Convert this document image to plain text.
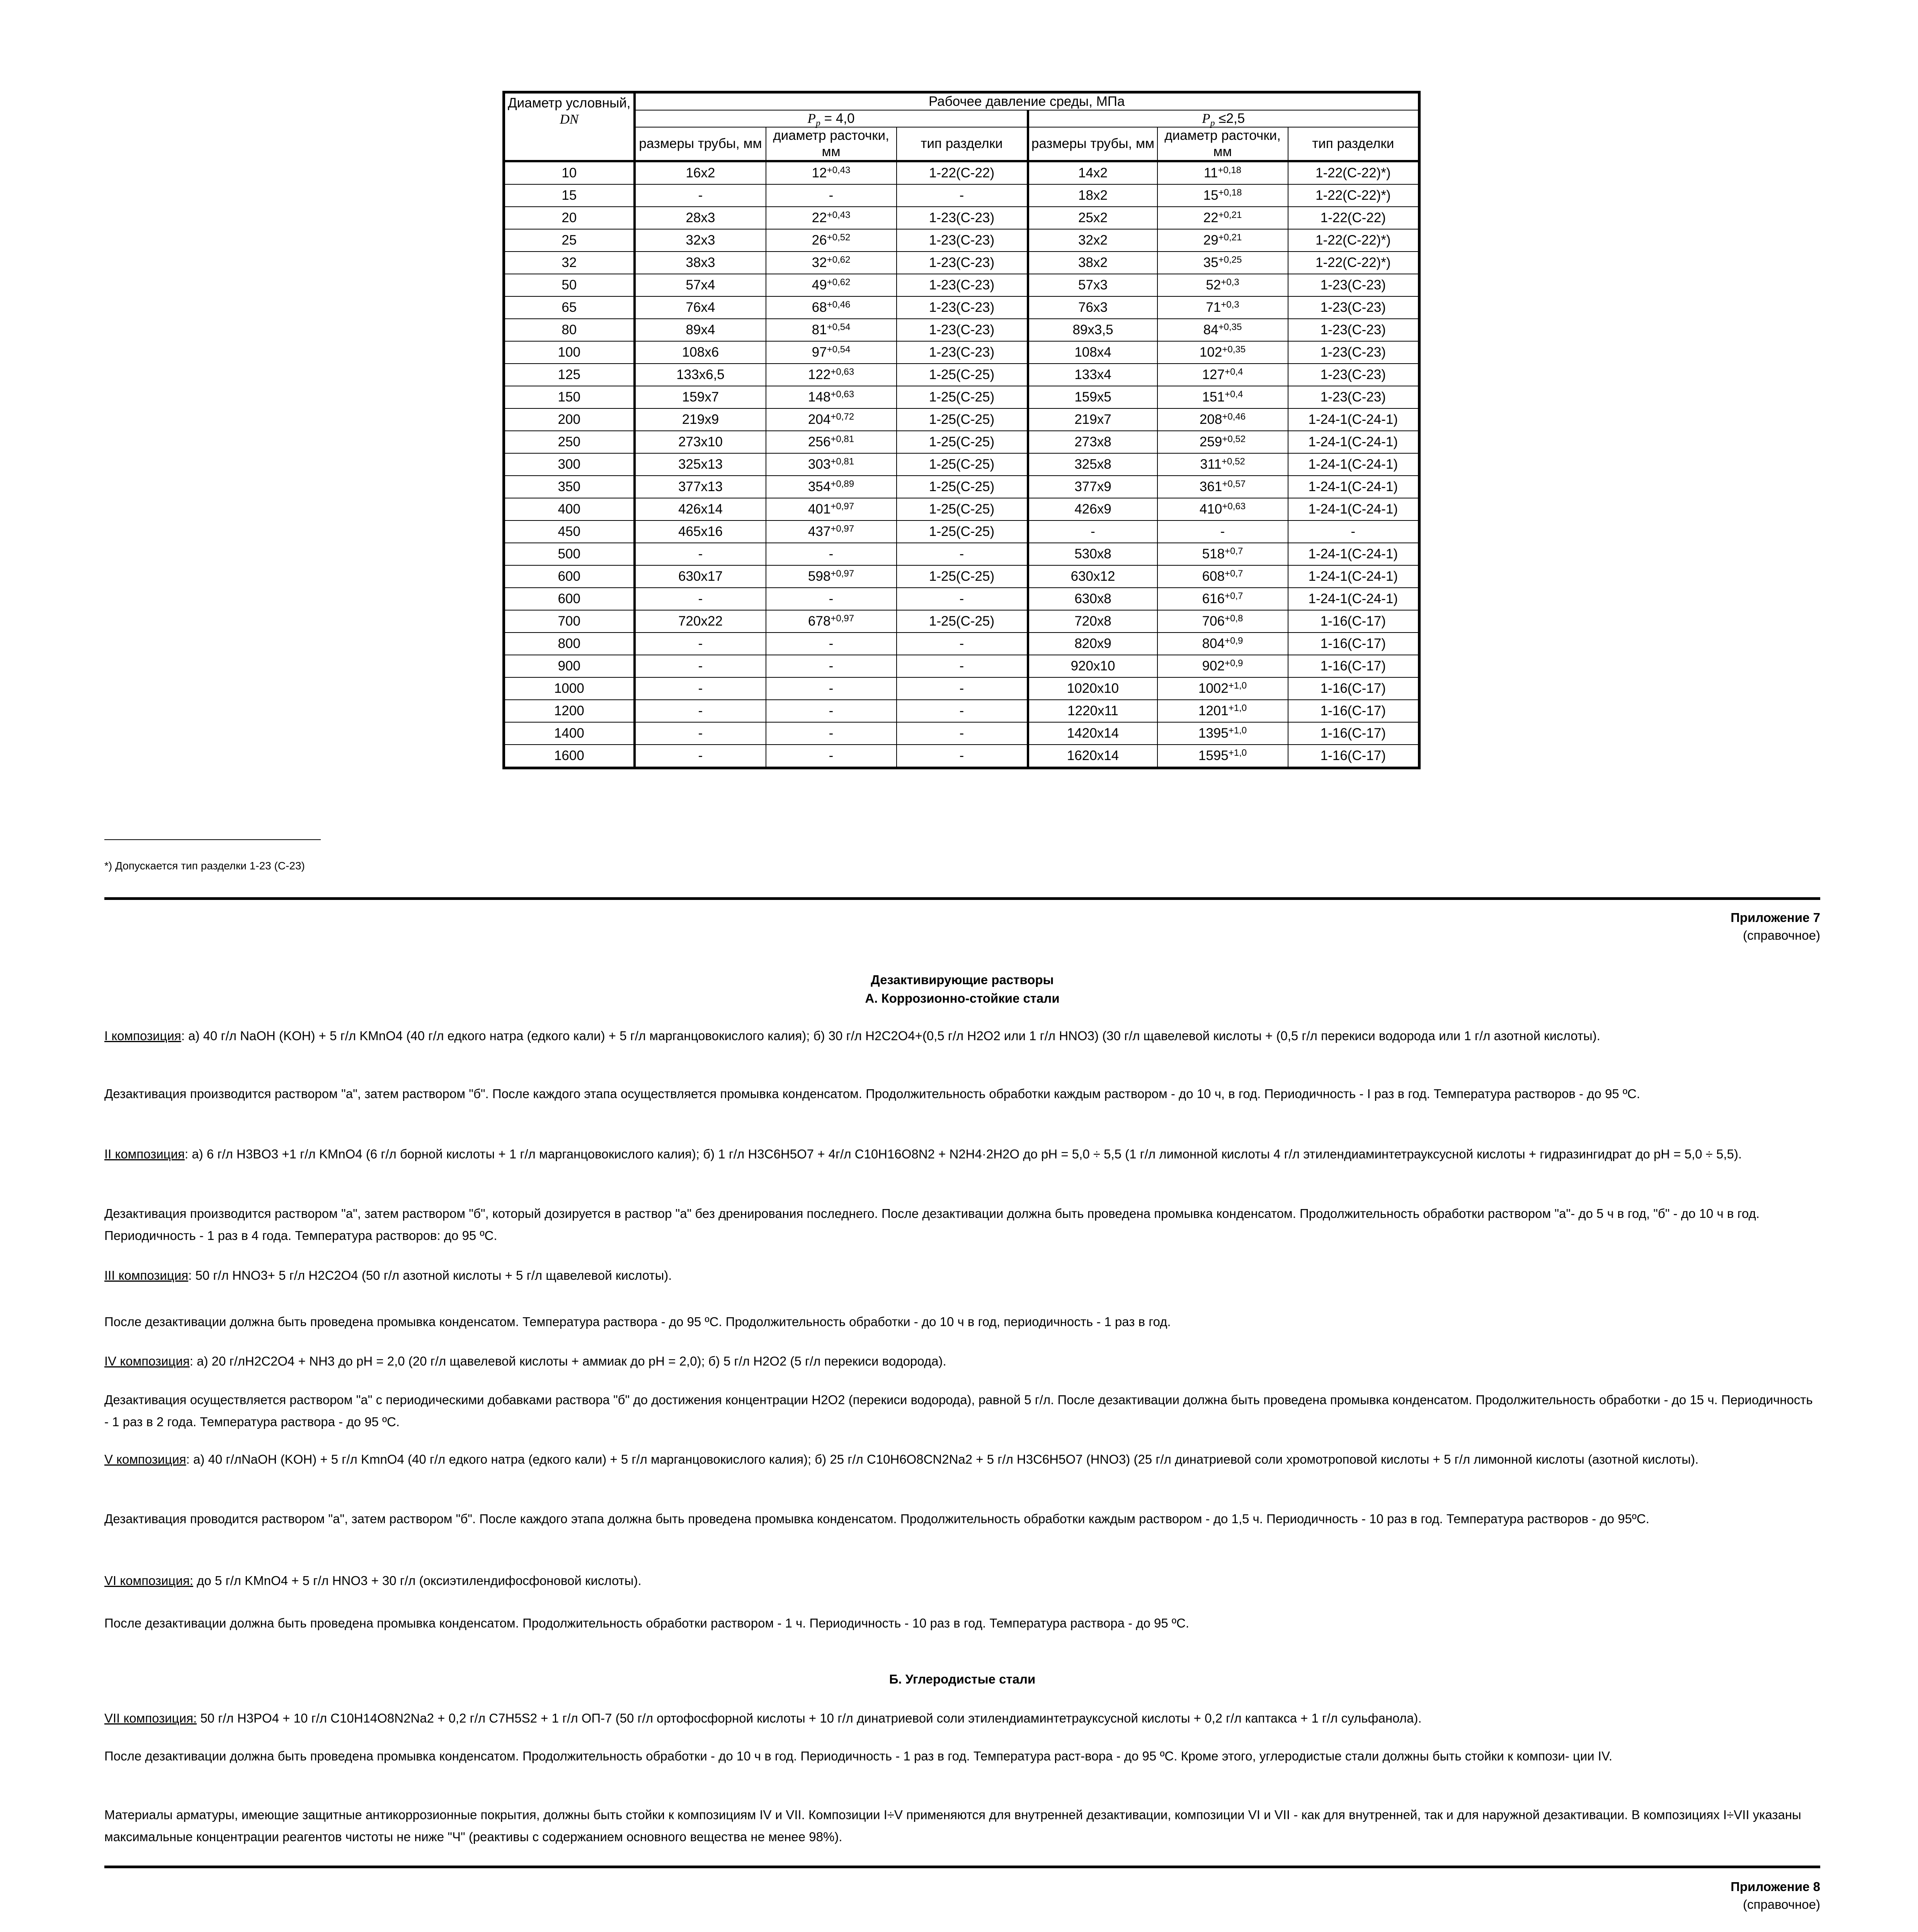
Диаметр условный,
DN	Рабочее давление среды, МПа					
	$P_p = 4,0$			$P_p \le 2,5$		
	размеры трубы, мм	диаметр расточки, мм	тип разделки	размеры трубы, мм	диаметр расточки, мм	тип разделки
10	16x2	$12^{+0,43}$	1-22(С-22)	14x2	$11^{+0,18}$	1-22(С-22)*)
15	-	-	-	18x2	$15^{+0,18}$	1-22(С-22)*)
20	28x3	$22^{+0,43}$	1-23(С-23)	25x2	$22^{+0,21}$	1-22(С-22)
25	32x3	$26^{+0,52}$	1-23(С-23)	32x2	$29^{+0,21}$	1-22(С-22)*)
32	38x3	$32^{+0,62}$	1-23(С-23)	38x2	$35^{+0,25}$	1-22(С-22)*)
50	57x4	$49^{+0,62}$	1-23(С-23)	57x3	$52^{+0,3}$	1-23(С-23)
65	76x4	$68^{+0,46}$	1-23(С-23)	76x3	$71^{+0,3}$	1-23(С-23)
80	89x4	$81^{+0,54}$	1-23(С-23)	89x3,5	$84^{+0,35}$	1-23(С-23)
100	108x6	$97^{+0,54}$	1-23(С-23)	108x4	$102^{+0,35}$	1-23(С-23)
125	133x6,5	$122^{+0,63}$	1-25(С-25)	133x4	$127^{+0,4}$	1-23(С-23)
150	159x7	$148^{+0,63}$	1-25(С-25)	159x5	$151^{+0,4}$	1-23(С-23)
200	219x9	$204^{+0,72}$	1-25(С-25)	219x7	$208^{+0,46}$	1-24-1(С-24-1)
250	273x10	$256^{+0,81}$	1-25(С-25)	273x8	$259^{+0,52}$	1-24-1(С-24-1)
300	325x13	$303^{+0,81}$	1-25(С-25)	325x8	$311^{+0,52}$	1-24-1(С-24-1)
350	377x13	$354^{+0,89}$	1-25(С-25)	377x9	$361^{+0,57}$	1-24-1(С-24-1)
400	426x14	$401^{+0,97}$	1-25(С-25)	426x9	$410^{+0,63}$	1-24-1(С-24-1)
450	465x16	$437^{+0,97}$	1-25(С-25)	-	-	-
500	-	-	-	530x8	$518^{+0,7}$	1-24-1(С-24-1)
600	630x17	$598^{+0,97}$	1-25(С-25)	630x12	$608^{+0,7}$	1-24-1(С-24-1)
600	-	-	-	630x8	$616^{+0,7}$	1-24-1(С-24-1)
700	720x22	$678^{+0,97}$	1-25(С-25)	720x8	$706^{+0,8}$	1-16(С-17)
800	-	-	-	820x9	$804^{+0,9}$	1-16(С-17)
900	-	-	-	920x10	$902^{+0,9}$	1-16(С-17)
1000	-	-	-	1020x10	$1002^{+1,0}$	1-16(С-17)
1200	-	-	-	1220x11	$1201^{+1,0}$	1-16(С-17)
1400	-	-	-	1420x14	$1395^{+1,0}$	1-16(С-17)
1600	-	-	-	1620x14	$1595^{+1,0}$	1-16(С-17)
*) Допускается тип разделки 1-23 (С-23)
Приложение 7
(справочное)
Дезактивирующие растворы
А. Коррозионно-стойкие стали

I композиция: а) 40 г/л NaOH (KOH) + 5 г/л KMnO4 (40 г/л едкого натра (едкого кали) + 5 г/л марганцовокислого калия); б) 30 г/л H2C2O4+(0,5 г/л H2O2 или 1 г/л HNO3) (30 г/л щавелевой кислоты + (0,5 г/л перекиси водорода или 1 г/л азотной кислоты).

Дезактивация производится раствором "а", затем раствором "б". После каждого этапа осуществляется промывка конденсатом. Продолжительность обработки каждым раствором - до 10 ч, в год. Периодичность - I раз в год. Температура растворов - до 95 ºС.

II композиция: а) 6 г/л H3BO3 +1 г/л KMnO4 (6 г/л борной кислоты + 1 г/л марганцовокислого калия); б) 1 г/л H3C6H5O7 + 4г/л C10H16O8N2 + N2H4·2H2O до pH = 5,0 ÷ 5,5 (1 г/л лимонной кислоты 4 г/л этилендиаминтетрауксусной кислоты + гидразингидрат до pH = 5,0 ÷ 5,5).

Дезактивация производится раствором "а", затем раствором "б", который дозируется в раствор "а" без дренирования последнего. После дезактивации должна быть проведена промывка конденсатом. Продолжительность обработки раствором "а"- до 5 ч в год, "б" - до 10 ч в год. Периодичность - 1 раз в 4 года. Температура растворов: до 95 ºС.

III композиция: 50 г/л HNO3+ 5 г/л H2C2O4 (50 г/л азотной кислоты + 5 г/л щавелевой кислоты).

После дезактивации должна быть проведена промывка конденсатом. Температура раствора - до 95 ºС. Продолжительность обработки - до 10 ч в год, периодичность - 1 раз в год.

IV композиция: а) 20 г/лH2C2O4 + NH3 до pH = 2,0 (20 г/л щавелевой кислоты + аммиак до pH = 2,0); б) 5 г/л H2O2 (5 г/л перекиси водорода).

Дезактивация осуществляется раствором "а" с периодическими добавками раствора "б" до достижения концентрации H2O2 (перекиси водорода), равной 5 г/л. После дезактивации должна быть проведена промывка конденсатом. Продолжительность обработки - до 15 ч. Периодичность - 1 раз в 2 года. Температура раствора - до 95 ºС.

V композиция: а) 40 г/лNaOH (KOH) + 5 г/л KmnO4 (40 г/л едкого натра (едкого кали) + 5 г/л марганцовокислого калия); б) 25 г/л C10H6O8CN2Na2 + 5 г/л H3C6H5O7 (HNO3) (25 г/л динатриевой соли хромотроповой кислоты + 5 г/л лимонной кислоты (азотной кислоты).

Дезактивация проводится раствором "а", затем раствором "б". После каждого этапа должна быть проведена промывка конденсатом. Продолжительность обработки каждым раствором - до 1,5 ч. Периодичность - 10 раз в год. Температура растворов - до 95ºС.

VI композиция: до 5 г/л KMnO4 + 5 г/л HNO3 + 30 г/л (оксиэтилендифосфоновой кислоты).

После дезактивации должна быть проведена промывка конденсатом. Продолжительность обработки раствором - 1 ч. Периодичность - 10 раз в год. Температура раствора - до 95 ºС.

Б. Углеродистые стали

VII композиция: 50 г/л H3PO4 + 10 г/л C10H14O8N2Na2 + 0,2 г/л C7H5S2 + 1 г/л ОП-7 (50 г/л ортофосфорной кислоты + 10 г/л динатриевой соли этилендиаминтетрауксусной кислоты + 0,2 г/л каптакса + 1 г/л сульфанола).

После дезактивации должна быть проведена промывка конденсатом. Продолжительность обработки - до 10 ч в год. Периодичность - 1 раз в год. Температура раст-вора - до 95 ºС. Кроме этого, углеродистые стали должны быть стойки к компози- ции IV.

Материалы арматуры, имеющие защитные антикоррозионные покрытия, должны быть стойки к композициям IV и VII. Композиции I÷V применяются для внутренней дезактивации, композиции VI и VII - как для внутренней, так и для наружной дезактивации. В композициях I÷VII указаны максимальные концентрации реагентов чистоты не ниже "Ч" (реактивы с содержанием основного вещества не менее 98%).

Приложение 8
(справочное)
